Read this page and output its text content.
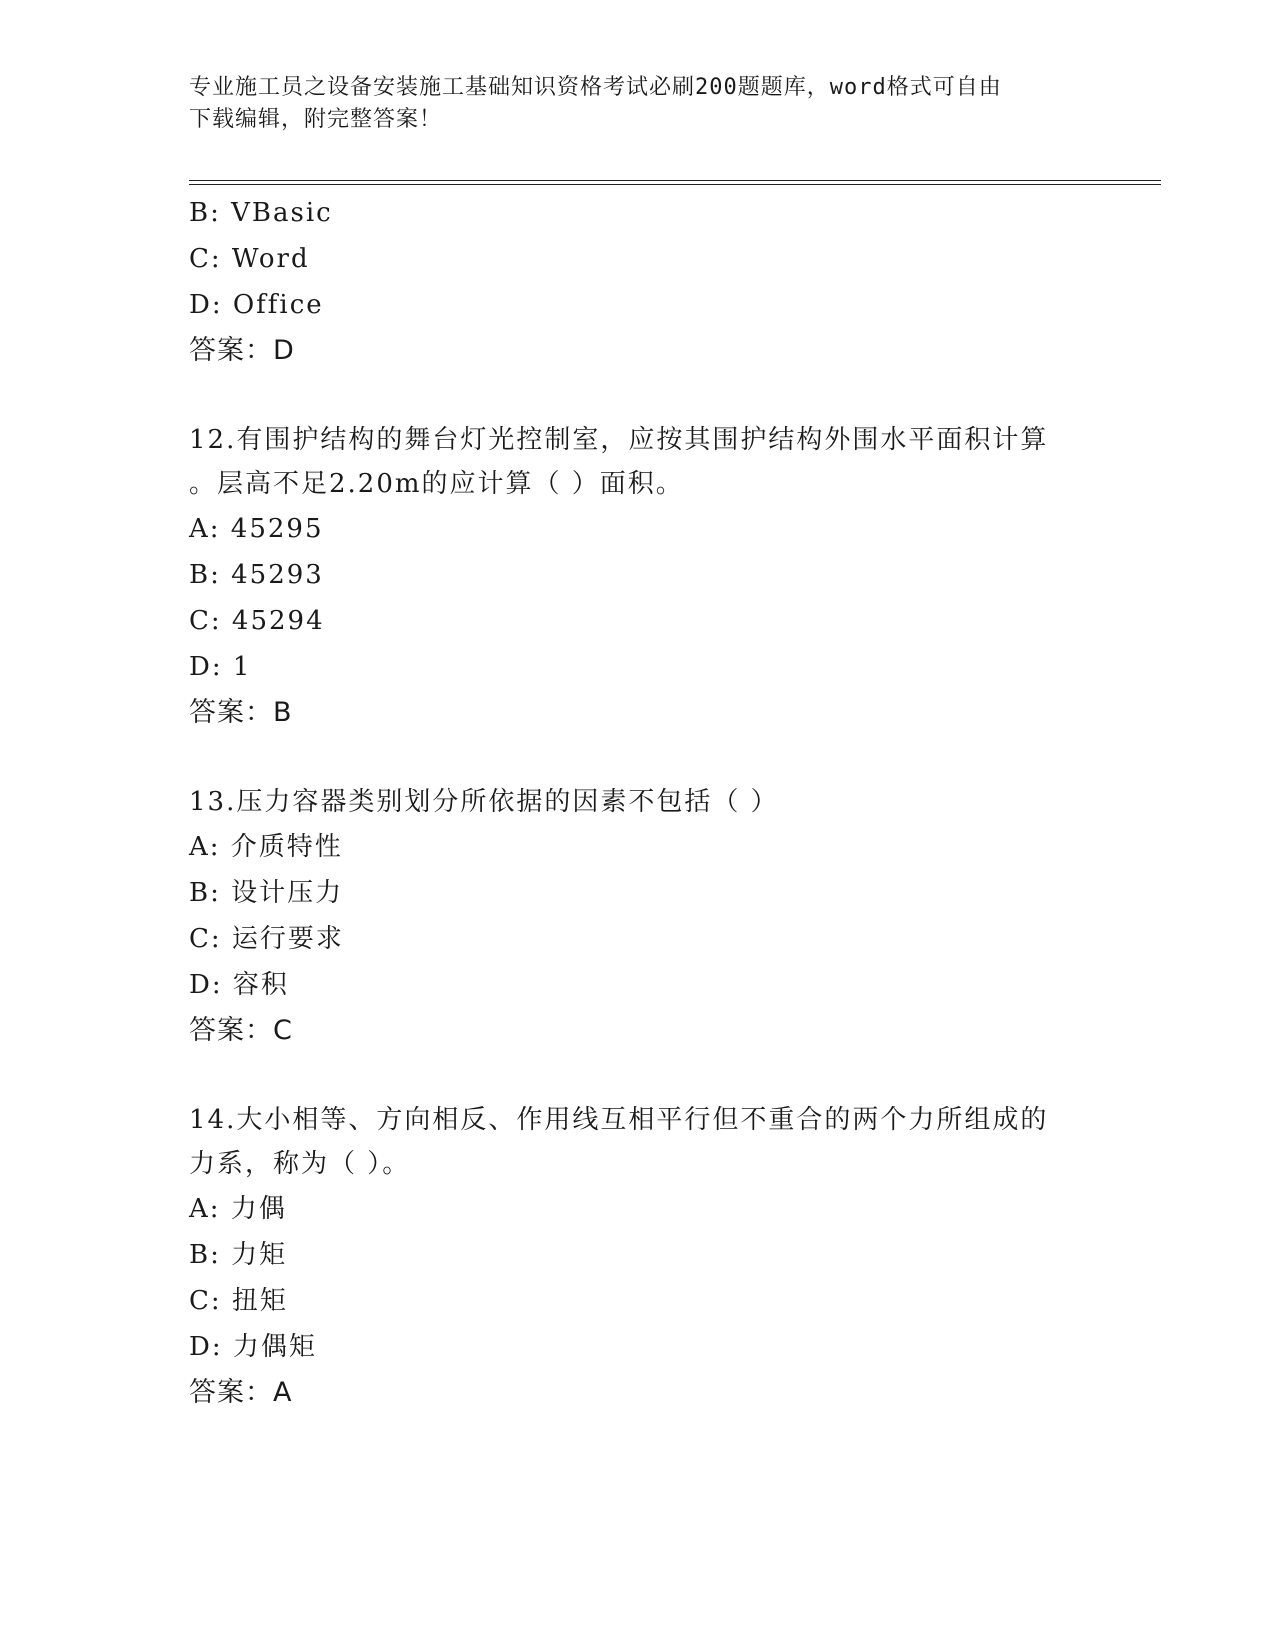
专业施工员之设备安装施工基础知识资格考试必刷200题题库，word格式可自由
下载编辑，附完整答案！
B: VBasic
C: Word
D: Office
答案：D
12.有围护结构的舞台灯光控制室，应按其围护结构外围水平面积计算
。层高不足2.20m的应计算（ ）面积。
A: 45295
B: 45293
C: 45294
D: 1
答案：B
13.压力容器类别划分所依据的因素不包括（ ）
A: 介质特性
B: 设计压力
C: 运行要求
D: 容积
答案：C
14.大小相等、方向相反、作用线互相平行但不重合的两个力所组成的
力系，称为（ ）。
A: 力偶
B: 力矩
C: 扭矩
D: 力偶矩
答案：A
